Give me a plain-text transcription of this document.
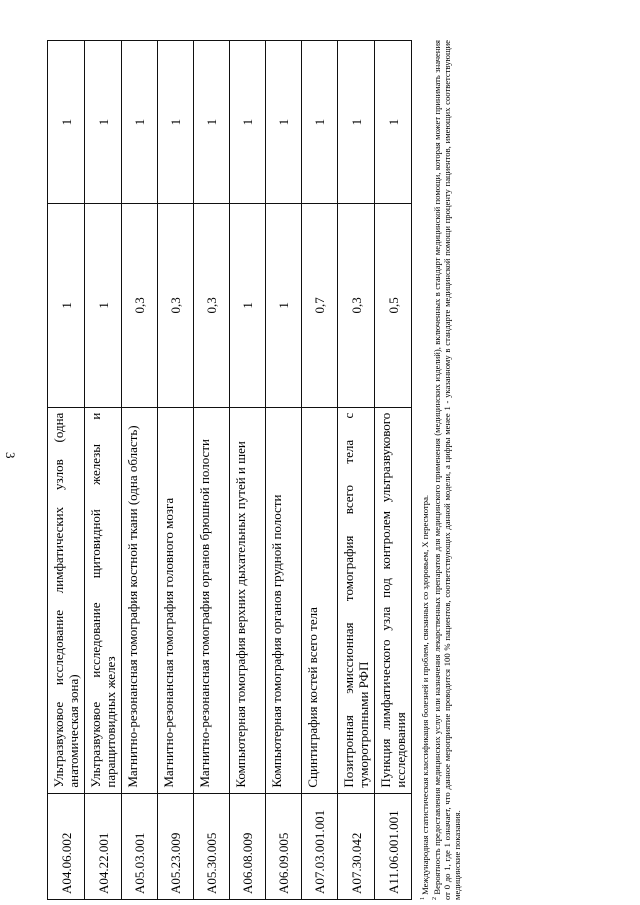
3
A04.06.002	Ультразвуковое исследование лимфатических узлов (одна анатомическая зона)	1	1
A04.22.001	Ультразвуковое исследование щитовидной железы и паращитовидных желез	1	1
A05.03.001	Магнитно-резонансная томография костной ткани (одна область)	0,3	1
A05.23.009	Магнитно-резонансная томография головного мозга	0,3	1
A05.30.005	Магнитно-резонансная томография органов брюшной полости	0,3	1
A06.08.009	Компьютерная томография верхних дыхательных путей и шеи	1	1
A06.09.005	Компьютерная томография органов грудной полости	1	1
A07.03.001.001	Сцинтиграфия костей всего тела	0,7	1
A07.30.042	Позитронная эмиссионная томография всего тела с туморотропными РФП	0,3	1
A11.06.001.001	Пункция лимфатического узла под контролем ультразвукового исследования	0,5	1

$^1$ Международная статистическая классификация болезней и проблем, связанных со здоровьем, X пересмотра.

$^2$ Вероятность предоставления медицинских услуг или назначения лекарственных препаратов для медицинского применения (медицинских изделий), включенных в стандарт медицинской помощи, которая может принимать значения от 0 до 1, где 1 означает, что данное мероприятие проводится 100 % пациентов, соответствующих данной модели, а цифры менее 1 - указанному в стандарте медицинской помощи проценту пациентов, имеющих соответствующие медицинские показания.
